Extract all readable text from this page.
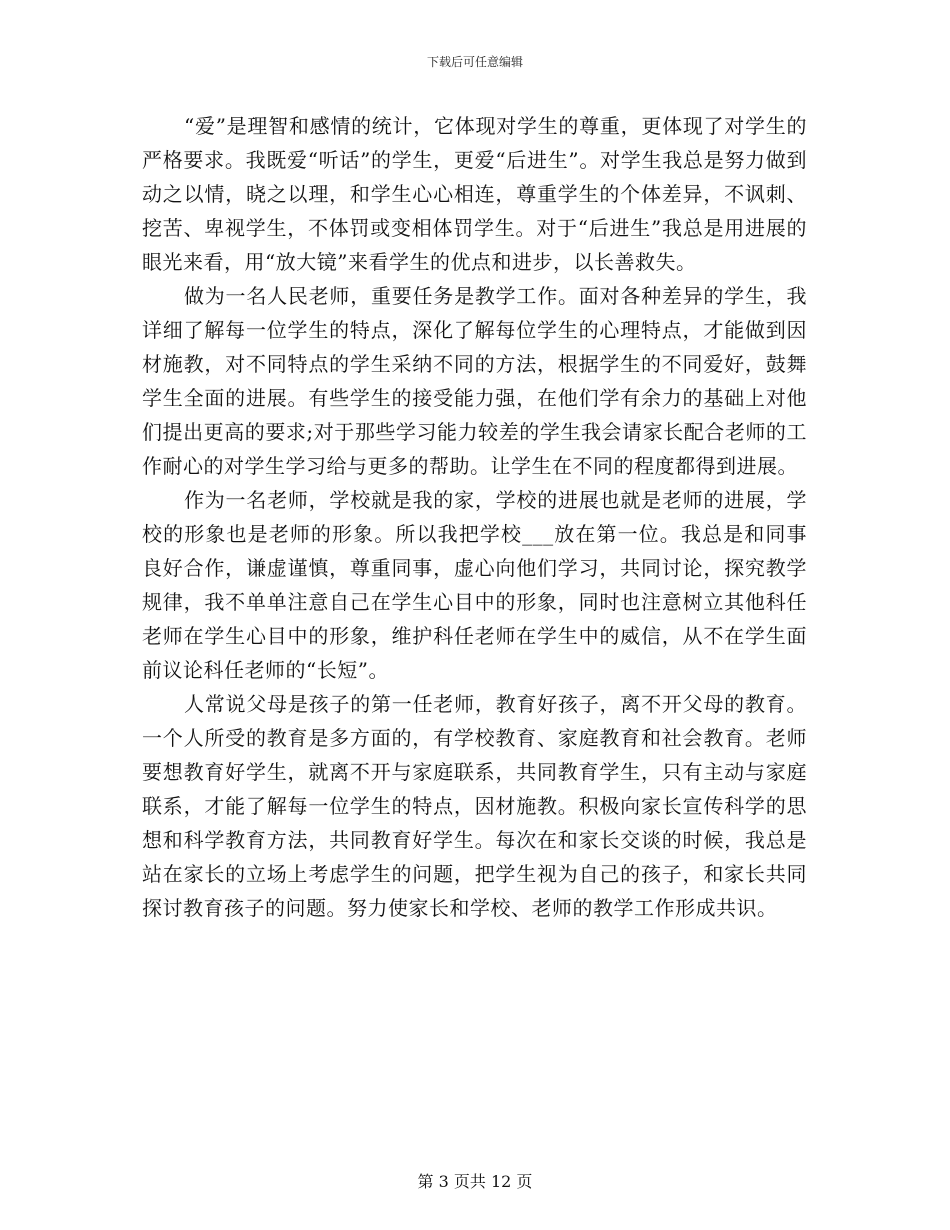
下载后可任意编辑

“爱”是理智和感情的统计，它体现对学生的尊重，更体现了对学生的严格要求。我既爱“听话”的学生，更爱“后进生”。对学生我总是努力做到动之以情，晓之以理，和学生心心相连，尊重学生的个体差异，不讽刺、挖苦、卑视学生，不体罚或变相体罚学生。对于“后进生”我总是用进展的眼光来看，用“放大镜”来看学生的优点和进步，以长善救失。

做为一名人民老师，重要任务是教学工作。面对各种差异的学生，我详细了解每一位学生的特点，深化了解每位学生的心理特点，才能做到因材施教，对不同特点的学生采纳不同的方法，根据学生的不同爱好，鼓舞学生全面的进展。有些学生的接受能力强，在他们学有余力的基础上对他们提出更高的要求;对于那些学习能力较差的学生我会请家长配合老师的工作耐心的对学生学习给与更多的帮助。让学生在不同的程度都得到进展。

作为一名老师，学校就是我的家，学校的进展也就是老师的进展，学校的形象也是老师的形象。所以我把学校___放在第一位。我总是和同事良好合作，谦虚谨慎，尊重同事，虚心向他们学习，共同讨论，探究教学规律，我不单单注意自己在学生心目中的形象，同时也注意树立其他科任老师在学生心目中的形象，维护科任老师在学生中的威信，从不在学生面前议论科任老师的“长短”。

人常说父母是孩子的第一任老师，教育好孩子，离不开父母的教育。一个人所受的教育是多方面的，有学校教育、家庭教育和社会教育。老师要想教育好学生，就离不开与家庭联系，共同教育学生，只有主动与家庭联系，才能了解每一位学生的特点，因材施教。积极向家长宣传科学的思想和科学教育方法，共同教育好学生。每次在和家长交谈的时候，我总是站在家长的立场上考虑学生的问题，把学生视为自己的孩子，和家长共同探讨教育孩子的问题。努力使家长和学校、老师的教学工作形成共识。

第 3 页共 12 页
